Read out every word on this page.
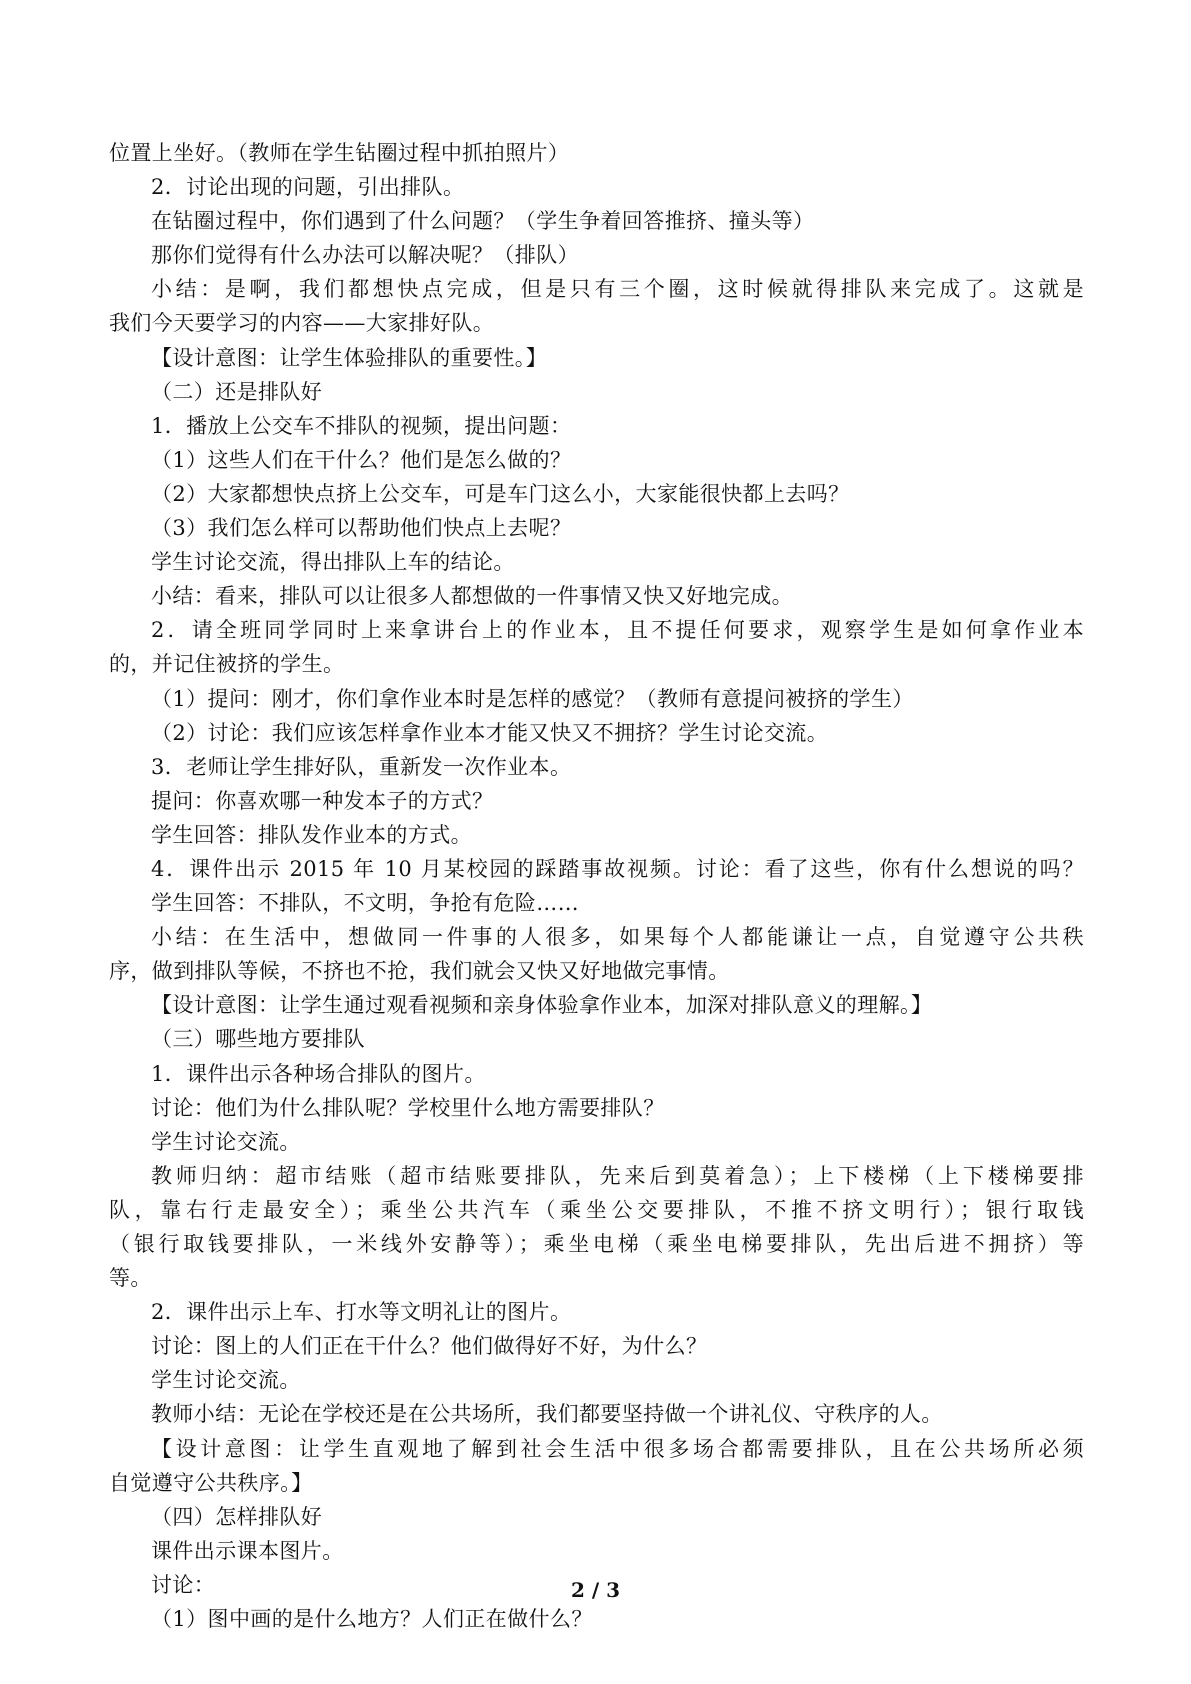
位置上坐好。（教师在学生钻圈过程中抓拍照片）
2．讨论出现的问题，引出排队。
在钻圈过程中，你们遇到了什么问题？（学生争着回答推挤、撞头等）
那你们觉得有什么办法可以解决呢？（排队）
小结：是啊，我们都想快点完成，但是只有三个圈，这时候就得排队来完成了。这就是
我们今天要学习的内容——大家排好队。
【设计意图：让学生体验排队的重要性。】
（二）还是排队好
1．播放上公交车不排队的视频，提出问题：
（1）这些人们在干什么？他们是怎么做的？
（2）大家都想快点挤上公交车，可是车门这么小，大家能很快都上去吗？
（3）我们怎么样可以帮助他们快点上去呢？
学生讨论交流，得出排队上车的结论。
小结：看来，排队可以让很多人都想做的一件事情又快又好地完成。
2．请全班同学同时上来拿讲台上的作业本，且不提任何要求，观察学生是如何拿作业本
的，并记住被挤的学生。
（1）提问：刚才，你们拿作业本时是怎样的感觉？（教师有意提问被挤的学生）
（2）讨论：我们应该怎样拿作业本才能又快又不拥挤？学生讨论交流。
3．老师让学生排好队，重新发一次作业本。
提问：你喜欢哪一种发本子的方式？
学生回答：排队发作业本的方式。
4．课件出示 2015 年 10 月某校园的踩踏事故视频。讨论：看了这些，你有什么想说的吗？
学生回答：不排队，不文明，争抢有危险……
小结：在生活中，想做同一件事的人很多，如果每个人都能谦让一点，自觉遵守公共秩
序，做到排队等候，不挤也不抢，我们就会又快又好地做完事情。
【设计意图：让学生通过观看视频和亲身体验拿作业本，加深对排队意义的理解。】
（三）哪些地方要排队
1．课件出示各种场合排队的图片。
讨论：他们为什么排队呢？学校里什么地方需要排队？
学生讨论交流。
教师归纳：超市结账（超市结账要排队，先来后到莫着急）；上下楼梯（上下楼梯要排
队，靠右行走最安全）；乘坐公共汽车（乘坐公交要排队，不推不挤文明行）；银行取钱
（银行取钱要排队，一米线外安静等）；乘坐电梯（乘坐电梯要排队，先出后进不拥挤）等
等。
2．课件出示上车、打水等文明礼让的图片。
讨论：图上的人们正在干什么？他们做得好不好，为什么？
学生讨论交流。
教师小结：无论在学校还是在公共场所，我们都要坚持做一个讲礼仪、守秩序的人。
【设计意图：让学生直观地了解到社会生活中很多场合都需要排队，且在公共场所必须
自觉遵守公共秩序。】
（四）怎样排队好
课件出示课本图片。
讨论：
（1）图中画的是什么地方？人们正在做什么？
2 / 3
